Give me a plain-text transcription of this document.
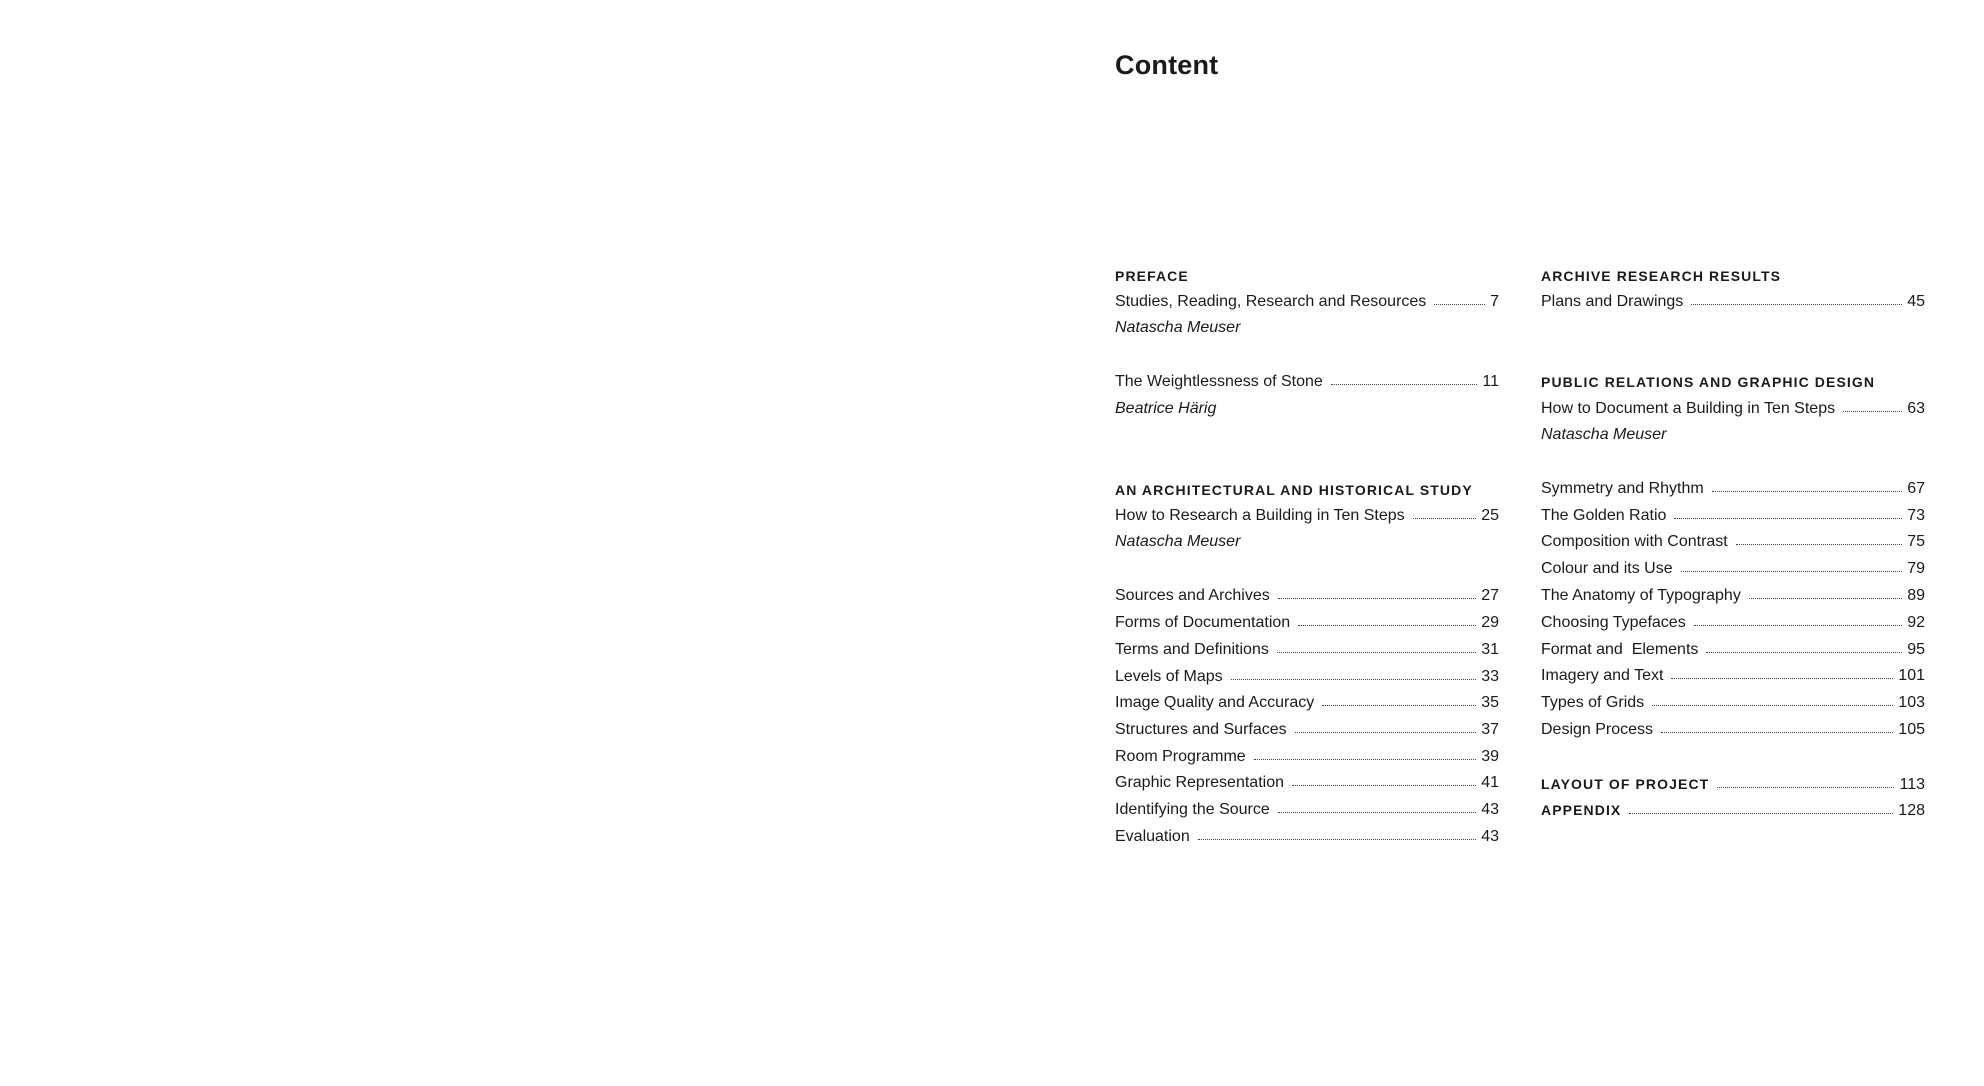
Content
PREFACE
Studies, Reading, Research and Resources	7
Natascha Meuser
The Weightlessness of Stone	11
Beatrice Härig
AN ARCHITECTURAL AND HISTORICAL STUDY
How to Research a Building in Ten Steps	25
Natascha Meuser
Sources and Archives	27
Forms of Documentation	29
Terms and Definitions	31
Levels of Maps	33
Image Quality and Accuracy	35
Structures and Surfaces	37
Room Programme	39
Graphic Representation	41
Identifying the Source	43
Evaluation	43
ARCHIVE RESEARCH RESULTS
Plans and Drawings	45
PUBLIC RELATIONS AND GRAPHIC DESIGN
How to Document a Building in Ten Steps	63
Natascha Meuser
Symmetry and Rhythm	67
The Golden Ratio	73
Composition with Contrast	75
Colour and its Use	79
The Anatomy of Typography	89
Choosing Typefaces	92
Format and  Elements	95
Imagery and Text	101
Types of Grids	103
Design Process	105
LAYOUT OF PROJECT	113
APPENDIX	128
